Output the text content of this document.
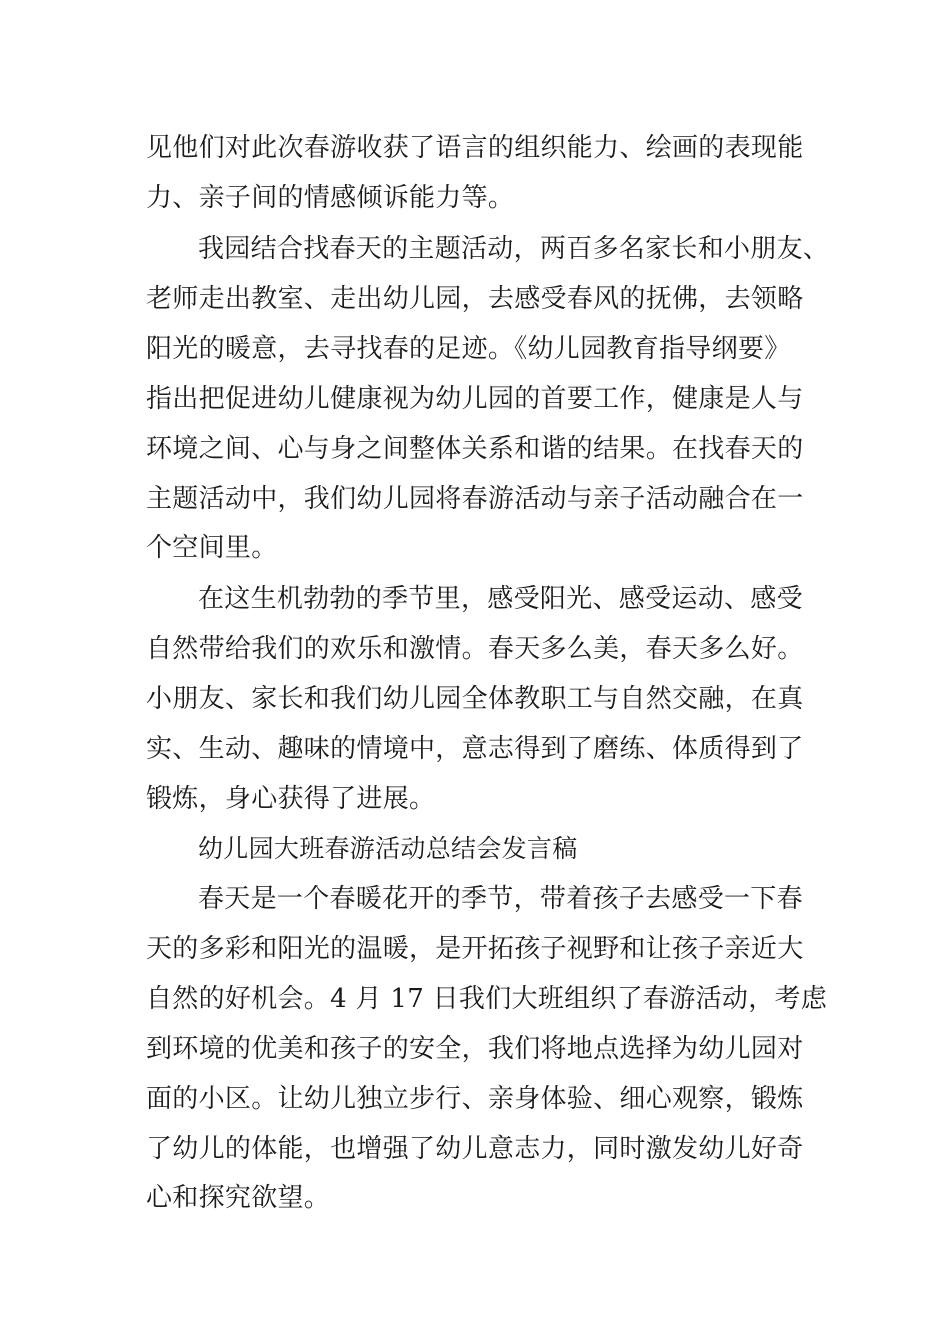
见他们对此次春游收获了语言的组织能力、绘画的表现能
力、亲子间的情感倾诉能力等。
我园结合找春天的主题活动，两百多名家长和小朋友、
老师走出教室、走出幼儿园，去感受春风的抚佛，去领略
阳光的暖意，去寻找春的足迹。《幼儿园教育指导纲要》
指出把促进幼儿健康视为幼儿园的首要工作，健康是人与
环境之间、心与身之间整体关系和谐的结果。在找春天的
主题活动中，我们幼儿园将春游活动与亲子活动融合在一
个空间里。
在这生机勃勃的季节里，感受阳光、感受运动、感受
自然带给我们的欢乐和激情。春天多么美，春天多么好。
小朋友、家长和我们幼儿园全体教职工与自然交融，在真
实、生动、趣味的情境中，意志得到了磨练、体质得到了
锻炼，身心获得了进展。
幼儿园大班春游活动总结会发言稿
春天是一个春暖花开的季节，带着孩子去感受一下春
天的多彩和阳光的温暖，是开拓孩子视野和让孩子亲近大
自然的好机会。4 月 17 日我们大班组织了春游活动，考虑
到环境的优美和孩子的安全，我们将地点选择为幼儿园对
面的小区。让幼儿独立步行、亲身体验、细心观察，锻炼
了幼儿的体能，也增强了幼儿意志力，同时激发幼儿好奇
心和探究欲望。
